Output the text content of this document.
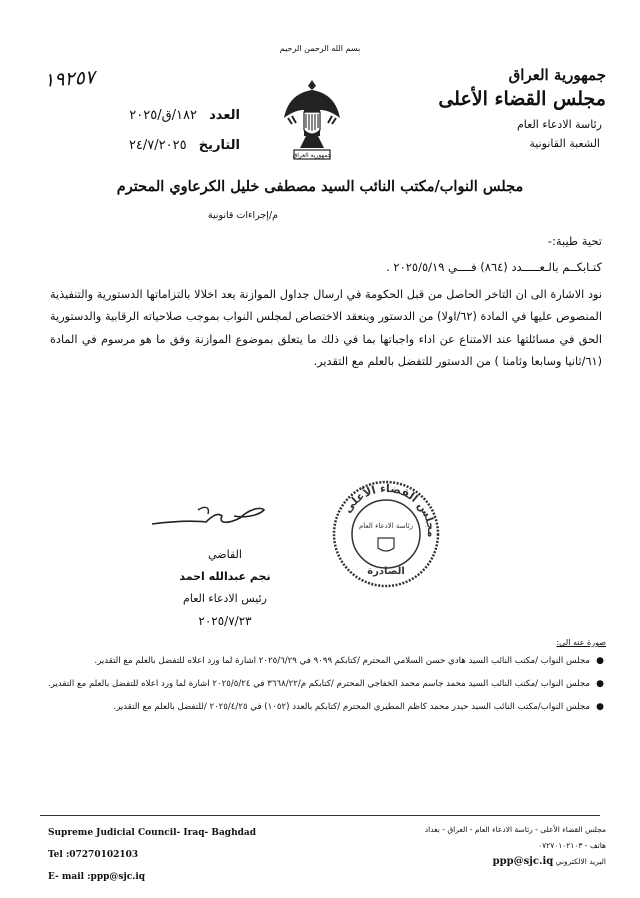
بسم الله الرحمن الرحيم
جمهورية العراق
مجلس القضاء الأعلى
رئاسة الادعاء العام
الشعبة القانونية
١٩٢٥٧
العدد ١٨٢/ق/٢٠٢٥
التاريخ ٢٤/٧/٢٠٢٥
جمهورية العراق
مجلس النواب/مكتب النائب السيد مصطفى خليل الكرعاوي المحترم
م/إجراءات قانونية
تحية طيبة:-
كتـابكــم بالـعـــــدد (٨٦٤) فــــي ٢٠٢٥/٥/١٩ .
نود الاشارة الى ان التاخر الحاصل من قبل الحكومة في ارسال جداول الموازنة يعد اخلالا بالتزاماتها الدستورية والتنفيذية المنصوص عليها في المادة (٦٢/اولا) من الدستور وينعقد الاختصاص لمجلس النواب بموجب صلاحياته الرقابية والدستورية الحق في مسائلتها عند الامتناع عن اداء واجباتها بما في ذلك ما يتعلق بموضوع الموازنة وفق ما هو مرسوم في المادة (٦١/ثانيا وسابعا وثامنا ) من الدستور للتفضل بالعلم مع التقدير.
مجلس القضاء الأعلى
رئاسة الادعاء العام
الصادرة
القاضي
نجم عبدالله احمد
رئيس الادعاء العام
٢٠٢٥/٧/٢٣
صورة عنه الى:
●
مجلس النواب /مكتب النائب السيد هادي حسن السلامي المحترم /كتابكم ٩٠٩٩ في ٢٠٢٥/٦/٢٩ اشارة لما ورد اعلاه للتفضل بالعلم مع التقدير.
●
مجلس النواب /مكتب النائب السيد محمد جاسم محمد الخفاجي المحترم /كتابكم م/٣٦٦٨/٢٢ في ٢٠٢٥/٥/٢٤ اشارة لما ورد اعلاه للتفضل بالعلم مع التقدير.
●
مجلس النواب/مكتب النائب السيد حيدر محمد كاظم المطيري المحترم /كتابكم بالعدد (١٠٥٢) في ٢٠٢٥/٤/٢٥ /للتفضل بالعلم مع التقدير.
Supreme Judicial Council- Iraq- Baghdad
Tel :07270102103
E- mail :ppp@sjc.iq
مجلس القضاء الأعلى - رئاسة الادعاء العام - العراق - بغداد
هاتف - ٠٧٢٧٠١٠٢١٠٣
البريد الالكتروني ppp@sjc.iq
